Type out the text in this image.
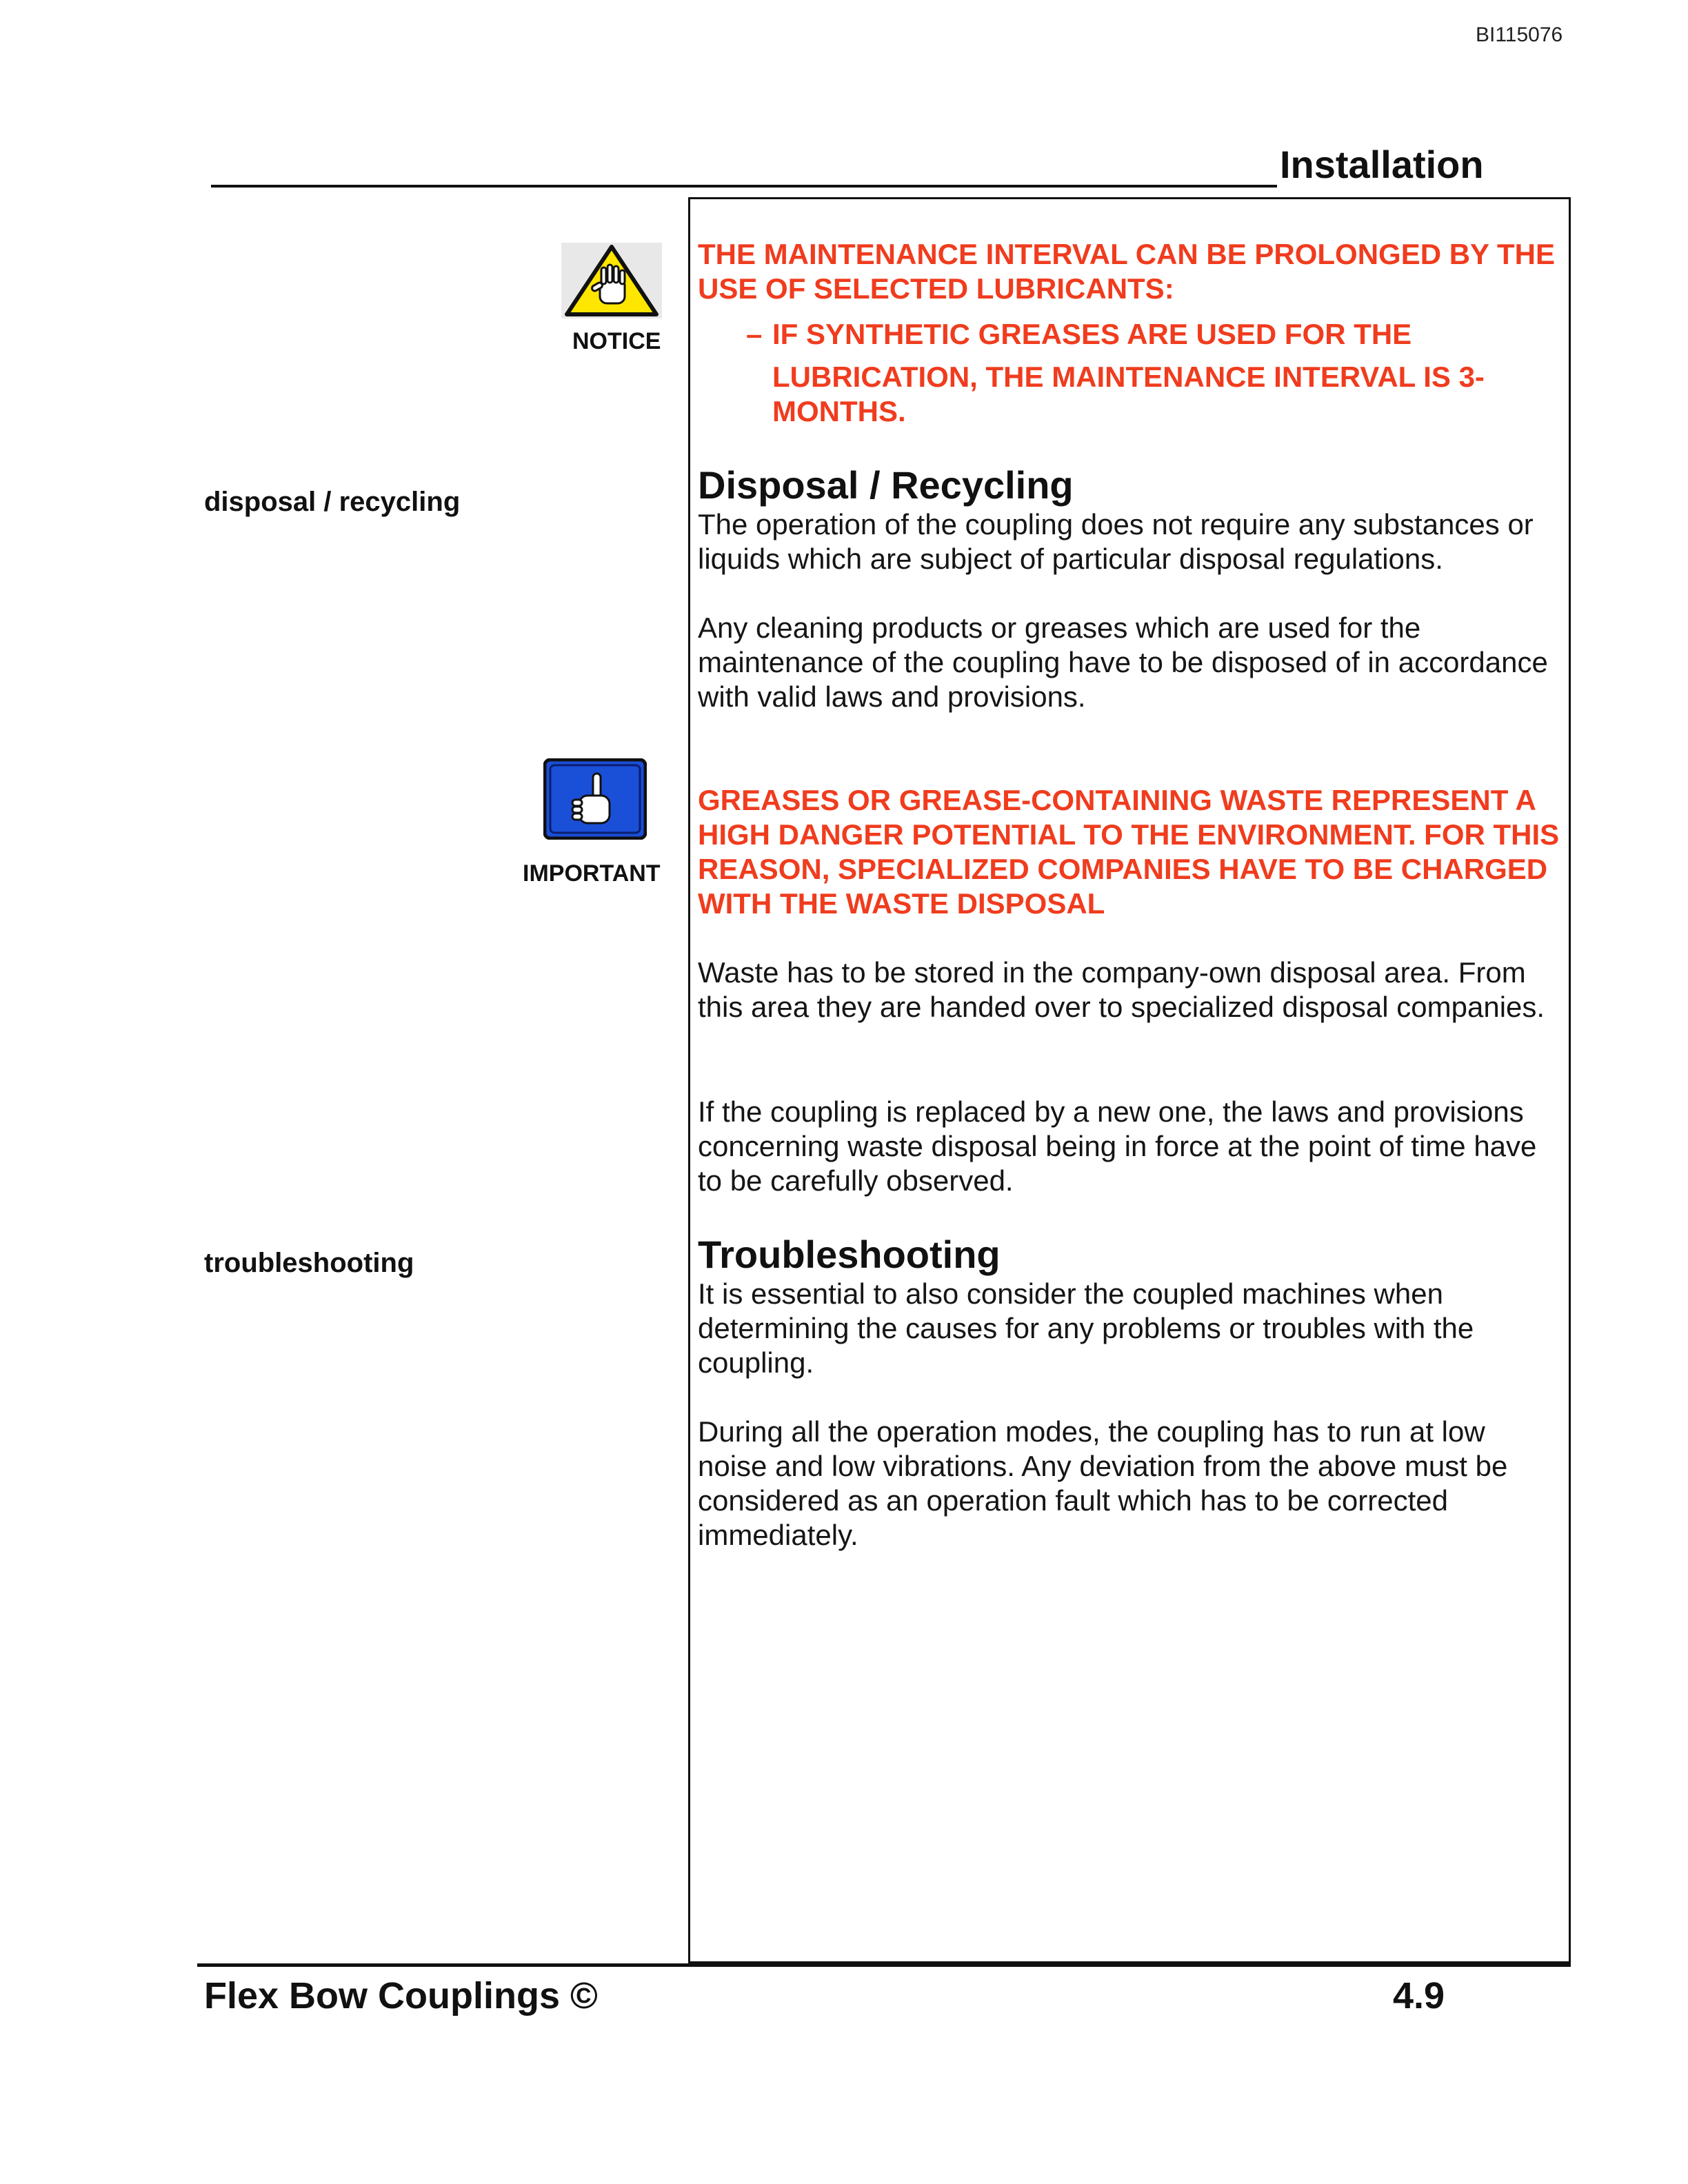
BI115076
Installation
NOTICE
IMPORTANT
disposal / recycling
troubleshooting

THE MAINTENANCE INTERVAL CAN BE PROLONGED BY THE USE OF SELECTED LUBRICANTS:

– IF SYNTHETIC GREASES ARE USED FOR THE
LUBRICATION, THE MAINTENANCE INTERVAL IS 3-
MONTHS.
Disposal / Recycling

The operation of the coupling does not require any substances or liquids which are subject of particular disposal regulations.

Any cleaning products or greases which are used for the maintenance of the coupling have to be disposed of in accordance with valid laws and provisions.

GREASES OR GREASE-CONTAINING WASTE REPRESENT A HIGH DANGER POTENTIAL TO THE ENVIRONMENT. FOR THIS REASON, SPECIALIZED COMPANIES HAVE TO BE CHARGED WITH THE WASTE DISPOSAL

Waste has to be stored in the company-own disposal area. From this area they are handed over to specialized disposal companies.

If the coupling is replaced by a new one, the laws and provisions concerning waste disposal being in force at the point of time have to be carefully observed.

Troubleshooting

It is essential to also consider the coupled machines when determining the causes for any problems or troubles with the coupling.

During all the operation modes, the coupling has to run at low noise and low vibrations. Any deviation from the above must be considered as an operation fault which has to be corrected immediately.

Flex Bow Couplings ©	4.9
